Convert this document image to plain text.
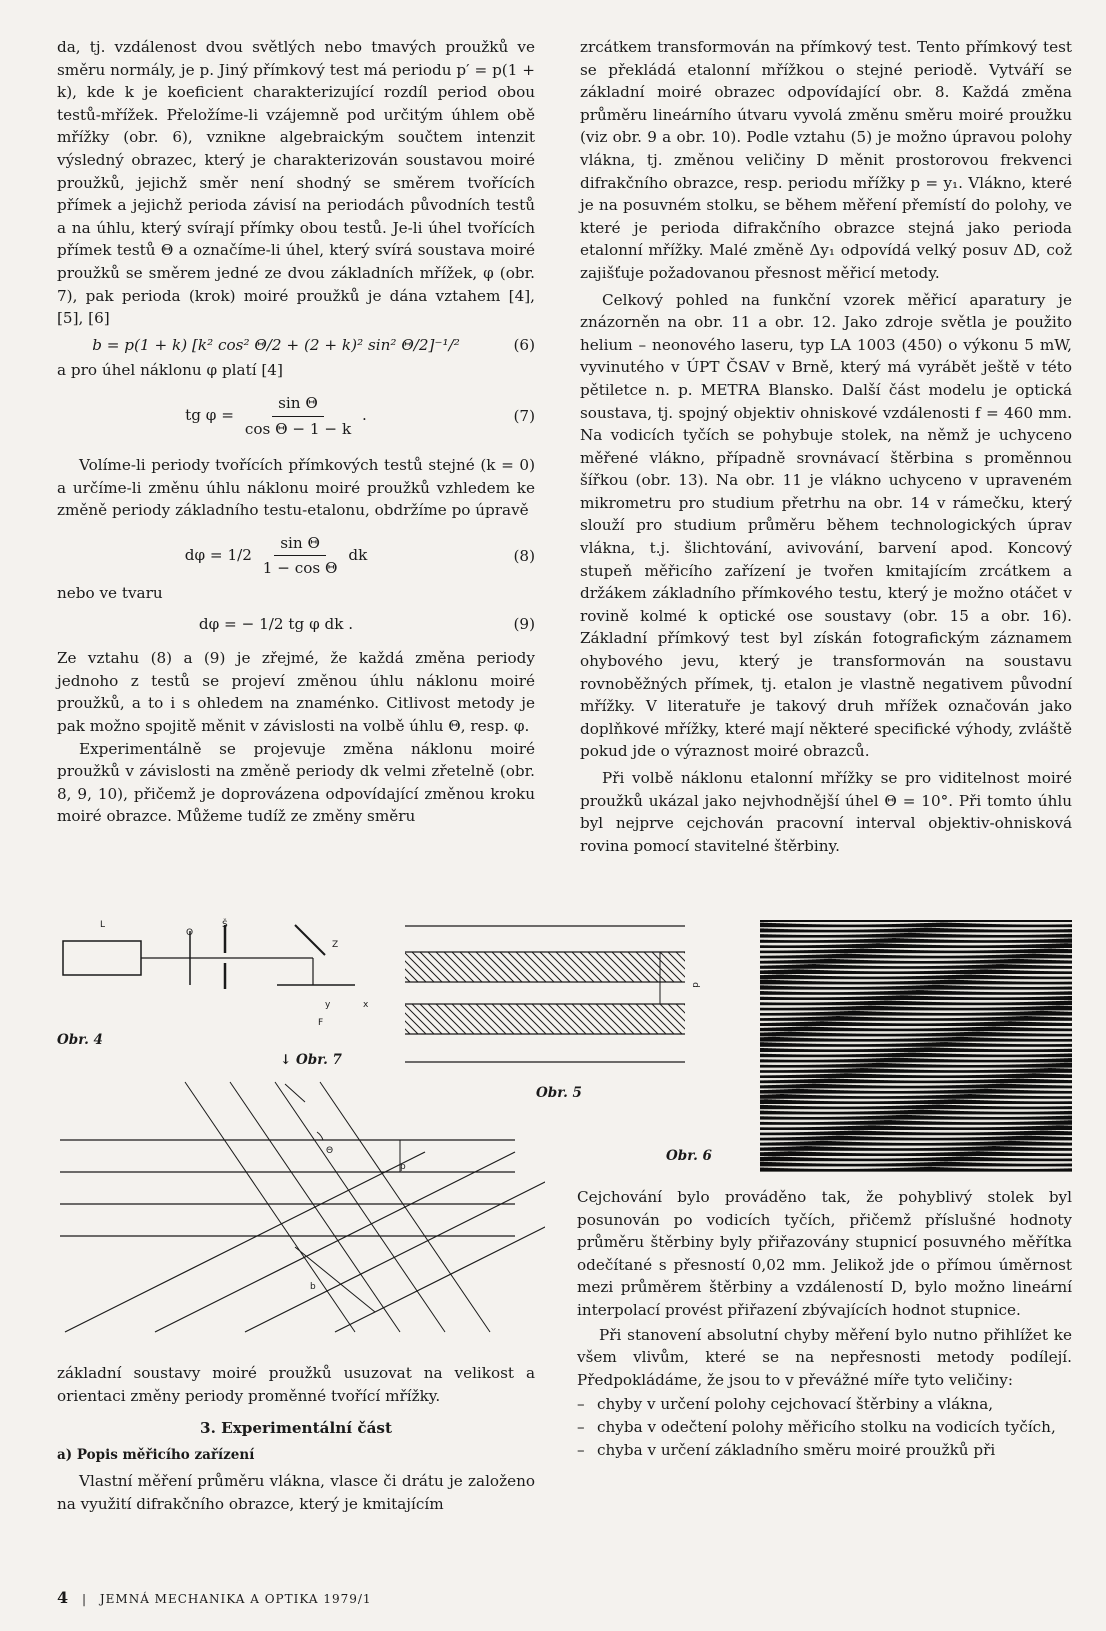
da, tj. vzdálenost dvou světlých nebo tmavých proužků ve směru normály, je p. Jiný přímkový test má periodu p′ = p(1 + k), kde k je koeficient charakterizující rozdíl period obou testů-mřížek. Přeložíme-li vzájemně pod určitým úhlem obě mřížky (obr. 6), vznikne algebraickým součtem intenzit výsledný obrazec, který je charakterizován soustavou moiré proužků, jejichž směr není shodný se směrem tvořících přímek a jejichž perioda závisí na periodách původních testů a na úhlu, který svírají přímky obou testů. Je-li úhel tvořících přímek testů Θ a označíme-li úhel, který svírá soustava moiré proužků se směrem jedné ze dvou základních mřížek, φ (obr. 7), pak perioda (krok) moiré proužků je dána vztahem [4], [5], [6]

b = p(1 + k) [k² cos² Θ/2 + (2 + k)² sin² Θ/2]⁻¹/²	(6)

a pro úhel náklonu φ platí [4]

tg $\varphi = \frac{\text{sin Θ}}{\text{cos Θ − 1 − k}}$ .	(7)

Volíme-li periody tvořících přímkových testů stejné (k = 0) a určíme-li změnu úhlu náklonu moiré proužků vzhledem ke změně periody základního testu-etalonu, obdržíme po úpravě

$d\varphi = 1/2 \frac{\text{sin Θ}}{\text{1 − cos Θ}}$ dk	(8)

nebo ve tvaru

dφ = − 1/2 tg φ dk .	(9)

Ze vztahu (8) a (9) je zřejmé, že každá změna periody jednoho z testů se projeví změnou úhlu náklonu moiré proužků, a to i s ohledem na znaménko. Citlivost metody je pak možno spojitě měnit v závislosti na volbě úhlu Θ, resp. φ.

Experimentálně se projevuje změna náklonu moiré proužků v závislosti na změně periody dk velmi zřetelně (obr. 8, 9, 10), přičemž je doprovázena odpovídající změnou kroku moiré obrazce. Můžeme tudíž ze změny směru

zrcátkem transformován na přímkový test. Tento přímkový test se překládá etalonní mřížkou o stejné periodě. Vytváří se základní moiré obrazec odpovídající obr. 8. Každá změna průměru lineárního útvaru vyvolá změnu směru moiré proužku (viz obr. 9 a obr. 10). Podle vztahu (5) je možno úpravou polohy vlákna, tj. změnou veličiny D měnit prostorovou frekvenci difrakčního obrazce, resp. periodu mřížky p = y₁. Vlákno, které je na posuvném stolku, se během měření přemístí do polohy, ve které je perioda difrakčního obrazce stejná jako perioda etalonní mřížky. Malé změně Δy₁ odpovídá velký posuv ΔD, což zajišťuje požadovanou přesnost měřicí metody.

Celkový pohled na funkční vzorek měřicí aparatury je znázorněn na obr. 11 a obr. 12. Jako zdroje světla je použito helium – neonového laseru, typ LA 1003 (450) o výkonu 5 mW, vyvinutého v ÚPT ČSAV v Brně, který má vyrábět ještě v této pětiletce n. p. METRA Blansko. Další část modelu je optická soustava, tj. spojný objektiv ohniskové vzdálenosti f = 460 mm. Na vodicích tyčích se pohybuje stolek, na němž je uchyceno měřené vlákno, případně srovnávací štěrbina s proměnnou šířkou (obr. 13). Na obr. 11 je vlákno uchyceno v upraveném mikrometru pro studium přetrhu na obr. 14 v rámečku, který slouží pro studium průměru během technologických úprav vlákna, t.j. šlichtování, avivování, barvení apod. Koncový stupeň měřicího zařízení je tvořen kmitajícím zrcátkem a držákem základního přímkového testu, který je možno otáčet v rovině kolmé k optické ose soustavy (obr. 15 a obr. 16). Základní přímkový test byl získán fotografickým záznamem ohybového jevu, který je transformován na soustavu rovnoběžných přímek, tj. etalon je vlastně negativem původní mřížky. V literatuře je takový druh mřížek označován jako doplňkové mřížky, které mají některé specifické výhody, zvláště pokud jde o výraznost moiré obrazců.

Při volbě náklonu etalonní mřížky se pro viditelnost moiré proužků ukázal jako nejvhodnější úhel Θ = 10°. Při tomto úhlu byl nejprve cejchován pracovní interval objektiv-ohnisková rovina pomocí stavitelné štěrbiny.

L
O
Š
Z
y	x
F
Obr. 4
p
Obr. 5
Obr. 6
↓ Obr. 7
Θ
p
b

základní soustavy moiré proužků usuzovat na velikost a orientaci změny periody proměnné tvořící mřížky.

3. Experimentální část
a) Popis měřicího zařízení

Vlastní měření průměru vlákna, vlasce či drátu je založeno na využití difrakčního obrazce, který je kmitajícím

Cejchování bylo prováděno tak, že pohyblivý stolek byl posunován po vodicích tyčích, přičemž příslušné hodnoty průměru štěrbiny byly přiřazovány stupnicí posuvného měřítka odečítané s přesností 0,02 mm. Jelikož jde o přímou úměrnost mezi průměrem štěrbiny a vzdáleností D, bylo možno lineární interpolací provést přiřazení zbývajících hodnot stupnice.

Při stanovení absolutní chyby měření bylo nutno přihlížet ke všem vlivům, které se na nepřesnosti metody podílejí. Předpokládáme, že jsou to v převážné míře tyto veličiny:

– chyby v určení polohy cejchovací štěrbiny a vlákna,
– chyba v odečtení polohy měřicího stolku na vodicích tyčích,
– chyba v určení základního směru moiré proužků při
4 | JEMNÁ MECHANIKA A OPTIKA 1979/1
